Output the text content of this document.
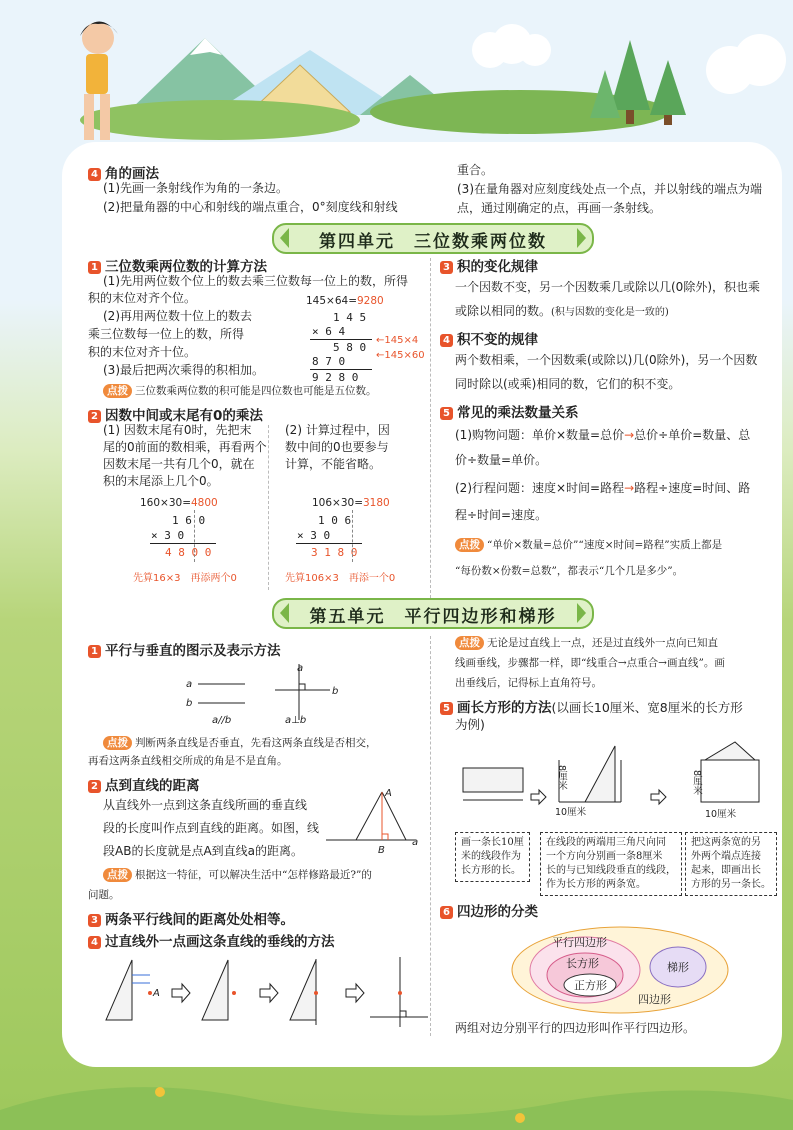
4 角的画法
(1)先画一条射线作为角的一条边。
(2)把量角器的中心和射线的端点重合，0°刻度线和射线
重合。
(3)在量角器对应刻度线处点一个点，并以射线的端点为端
点，通过刚确定的点，再画一条射线。
第四单元　三位数乘两位数
1 三位数乘两位数的计算方法
(1)先用两位数个位上的数去乘三位数每一位上的数，所得
积的末位对齐个位。
(2)再用两位数十位上的数去
乘三位数每一位上的数，所得
积的末位对齐十位。
(3)最后把两次乘得的积相加。
145×64=9280
1 4 5
× 6 4
5 8 0
8 7 0
9 2 8 0
←145×4
←145×60
点拨 三位数乘两位数的积可能是四位数也可能是五位数。
2 因数中间或末尾有0的乘法
(1) 因数末尾有0时，先把末
尾的0前面的数相乘，再看两个
因数末尾一共有几个0，就在
积的末尾添上几个0。
(2) 计算过程中，因
数中间的0也要参与
计算，不能省略。
160×30=4800
1 6 0
× 3 0
4 8 0 0
先算16×3　 再添两个0
106×30=3180
1 0 6
× 3 0
3 1 8 0
先算106×3　 再添一个0
3 积的变化规律
一个因数不变，另一个因数乘几或除以几(0除外)，积也乘
或除以相同的数。(积与因数的变化是一致的)
4 积不变的规律
两个数相乘，一个因数乘(或除以)几(0除外)，另一个因数
同时除以(或乘)相同的数，它们的积不变。
5 常见的乘法数量关系
(1)购物问题：单价×数量=总价→总价÷单价=数量、总
价÷数量=单价。
(2)行程问题：速度×时间=路程→路程÷速度=时间、路
程÷时间=速度。
点拨 “单价×数量=总价”“速度×时间=路程”实质上都是
“每份数×份数=总数”，都表示“几个几是多少”。
第五单元　平行四边形和梯形
1 平行与垂直的图示及表示方法
a
b
a//b
a
b
a⊥b
点拨 判断两条直线是否垂直，先看这两条直线是否相交，
再看这两条直线相交所成的角是不是直角。
2 点到直线的距离
从直线外一点到这条直线所画的垂直线
段的长度叫作点到直线的距离。如图，线
段AB的长度就是点A到直线a的距离。
A
B
a
点拨 根据这一特征，可以解决生活中“怎样修路最近?”的
问题。
3 两条平行线间的距离处处相等。
4 过直线外一点画这条直线的垂线的方法
A
点拨 无论是过直线上一点，还是过直线外一点向已知直
线画垂线，步骤都一样，即“线重合→点重合→画直线”。画
出垂线后，记得标上直角符号。
5 画长方形的方法(以画长10厘米、宽8厘米的长方形
为例)
10厘米
8厘米
10厘米
8厘米
画一条长10厘
米的线段作为
长方形的长。
在线段的两端用三角尺向同
一个方向分别画一条8厘米
长的与已知线段垂直的线段，
作为长方形的两条宽。
把这两条宽的另
外两个端点连接
起来，即画出长
方形的另一条长。
6 四边形的分类
平行四边形
长方形
正方形
梯形
四边形
两组对边分别平行的四边形叫作平行四边形。
